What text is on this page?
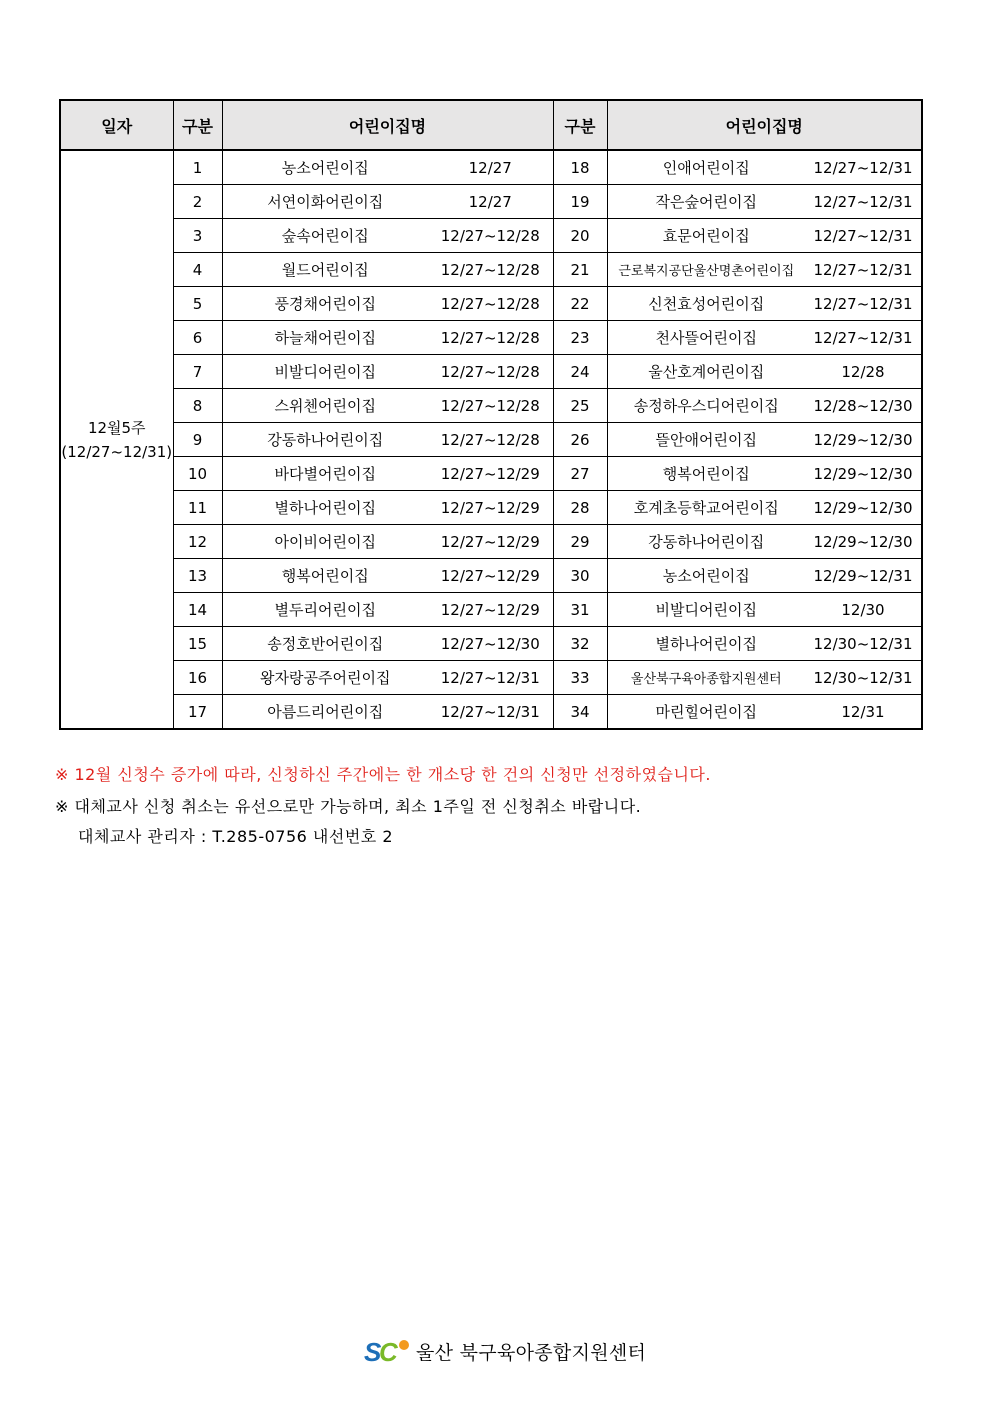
일자	구분	어린이집명		구분	어린이집명	

12월5주
(12/27~12/31)	1	농소어린이집	12/27	18	인애어린이집	12/27~12/31
	2	서연이화어린이집	12/27	19	작은숲어린이집	12/27~12/31
	3	숲속어린이집	12/27~12/28	20	효문어린이집	12/27~12/31
	4	월드어린이집	12/27~12/28	21	근로복지공단울산명촌어린이집	12/27~12/31
	5	풍경채어린이집	12/27~12/28	22	신천효성어린이집	12/27~12/31
	6	하늘채어린이집	12/27~12/28	23	천사뜰어린이집	12/27~12/31
	7	비발디어린이집	12/27~12/28	24	울산호계어린이집	12/28
	8	스위첸어린이집	12/27~12/28	25	송정하우스디어린이집	12/28~12/30
	9	강동하나어린이집	12/27~12/28	26	뜰안애어린이집	12/29~12/30
	10	바다별어린이집	12/27~12/29	27	행복어린이집	12/29~12/30
	11	별하나어린이집	12/27~12/29	28	호계초등학교어린이집	12/29~12/30
	12	아이비어린이집	12/27~12/29	29	강동하나어린이집	12/29~12/30
	13	행복어린이집	12/27~12/29	30	농소어린이집	12/29~12/31
	14	별두리어린이집	12/27~12/29	31	비발디어린이집	12/30
	15	송정호반어린이집	12/27~12/30	32	별하나어린이집	12/30~12/31
	16	왕자랑공주어린이집	12/27~12/31	33	울산북구육아종합지원센터	12/30~12/31
	17	아름드리어린이집	12/27~12/31	34	마린힐어린이집	12/31
※ 12월 신청수 증가에 따라, 신청하신 주간에는 한 개소당 한 건의 신청만 선정하였습니다.
※ 대체교사 신청 취소는 유선으로만 가능하며, 최소 1주일 전 신청취소 바랍니다.
대체교사 관리자 : T.285-0756 내선번호 2
S
C 울산 북구육아종합지원센터
